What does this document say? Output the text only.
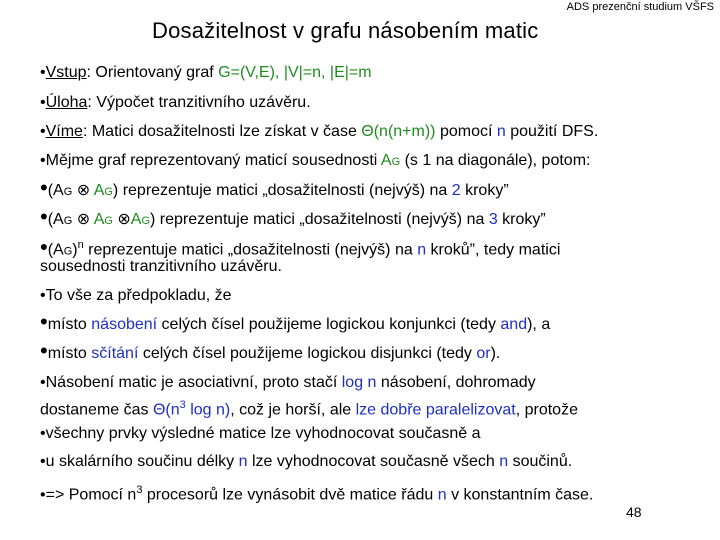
ADS prezenční studium VŠFS
Dosažitelnost v grafu násobením matic
•Vstup: Orientovaný graf G=(V,E), |V|=n, |E|=m
•Úloha: Výpočet tranzitivního uzávěru.
•Víme: Matici dosažitelnosti lze získat v čase Θ(n(n+m)) pomocí n použití DFS.
•Mějme graf reprezentovaný maticí sousednosti AG (s 1 na diagonále), potom:
•(AG ⊗ AG) reprezentuje matici „dosažitelnosti (nejvýš) na 2 kroky”
•(AG ⊗ AG ⊗AG) reprezentuje matici „dosažitelnosti (nejvýš) na 3 kroky”
•(AG)$^n$ reprezentuje matici „dosažitelnosti (nejvýš) na n kroků”, tedy matici
sousednosti tranzitivního uzávěru.
•To vše za předpokladu, že
•místo násobení celých čísel použijeme logickou konjunkci (tedy and), a
•místo sčítání celých čísel použijeme logickou disjunkci (tedy or).
•Násobení matic je asociativní, proto stačí log n násobení, dohromady
dostaneme čas $\Theta(n^3$ log n), což je horší, ale lze dobře paralelizovat, protože
•všechny prvky výsledné matice lze vyhodnocovat současně a
•u skalárního součinu délky n lze vyhodnocovat současně všech n součinů.
•=> Pomocí $n^3$ procesorů lze vynásobit dvě matice řádu n v konstantním čase.
48
